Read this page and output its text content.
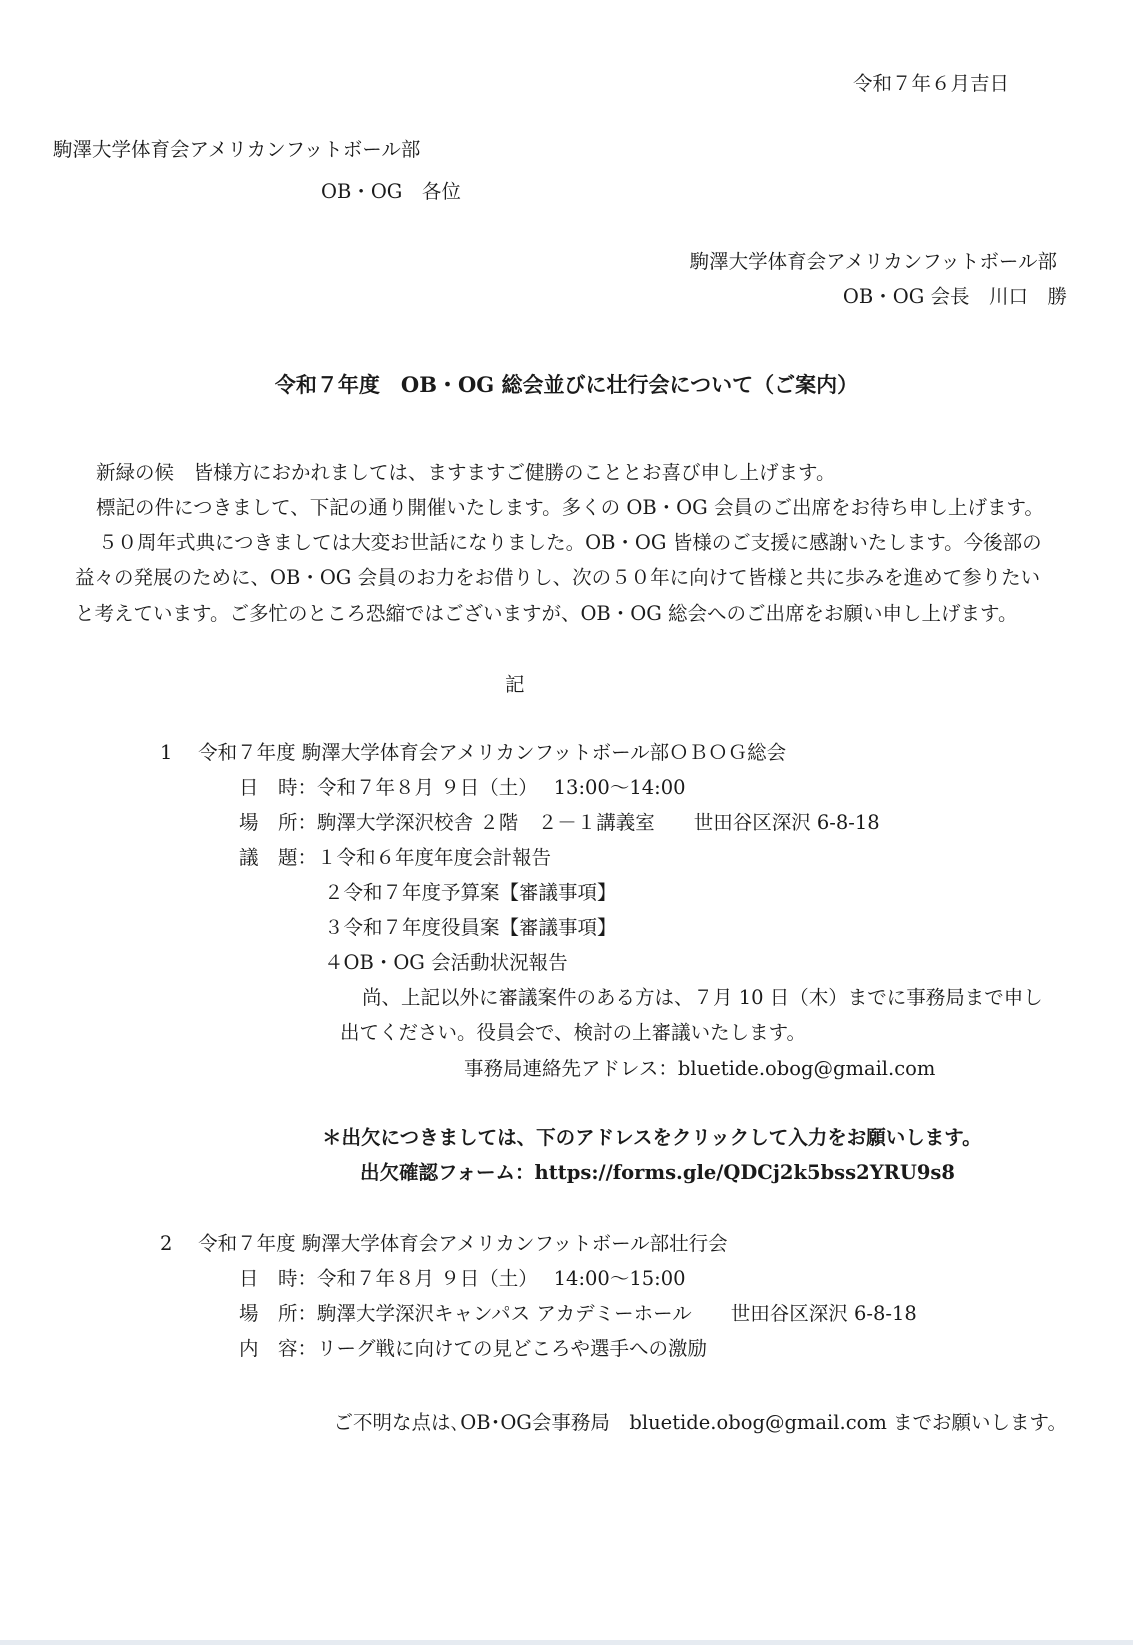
令和７年６月吉日
駒澤大学体育会アメリカンフットボール部
OB・OG　各位
駒澤大学体育会アメリカンフットボール部
OB・OG 会長　川口　勝
令和７年度　OB・OG 総会並びに壮行会について（ご案内）
新緑の候　皆様方におかれましては、ますますご健勝のこととお喜び申し上げます。
標記の件につきまして、下記の通り開催いたします。多くの OB・OG 会員のご出席をお待ち申し上げます。
５０周年式典につきましては大変お世話になりました。OB・OG 皆様のご支援に感謝いたします。今後部の
益々の発展のために、OB・OG 会員のお力をお借りし、次の５０年に向けて皆様と共に歩みを進めて参りたい
と考えています。ご多忙のところ恐縮ではございますが、OB・OG 総会へのご出席をお願い申し上げます。
記
1　 令和７年度 駒澤大学体育会アメリカンフットボール部ＯＢＯＧ総会
日　時：令和７年８月 ９日（土）　 13:00～14:00
場　所：駒澤大学深沢校舎 ２階　２－１講義室　　世田谷区深沢 6-8-18
議　題：１令和６年度年度会計報告
２令和７年度予算案【審議事項】
３令和７年度役員案【審議事項】
４OB・OG 会活動状況報告
尚、上記以外に審議案件のある方は、７月 10 日（木）までに事務局まで申し
出てください。役員会で、検討の上審議いたします。
事務局連絡先アドレス：bluetide.obog@gmail.com
＊出欠につきましては、下のアドレスをクリックして入力をお願いします。
出欠確認フォーム：https://forms.gle/QDCj2k5bss2YRU9s8
2　 令和７年度 駒澤大学体育会アメリカンフットボール部壮行会
日　時：令和７年８月 ９日（土）　 14:00～15:00
場　所：駒澤大学深沢キャンパス アカデミーホール　　世田谷区深沢 6-8-18
内　容：リーグ戦に向けての見どころや選手への激励
ご不明な点は､OB･OG会事務局　bluetide.obog@gmail.com までお願いします。
